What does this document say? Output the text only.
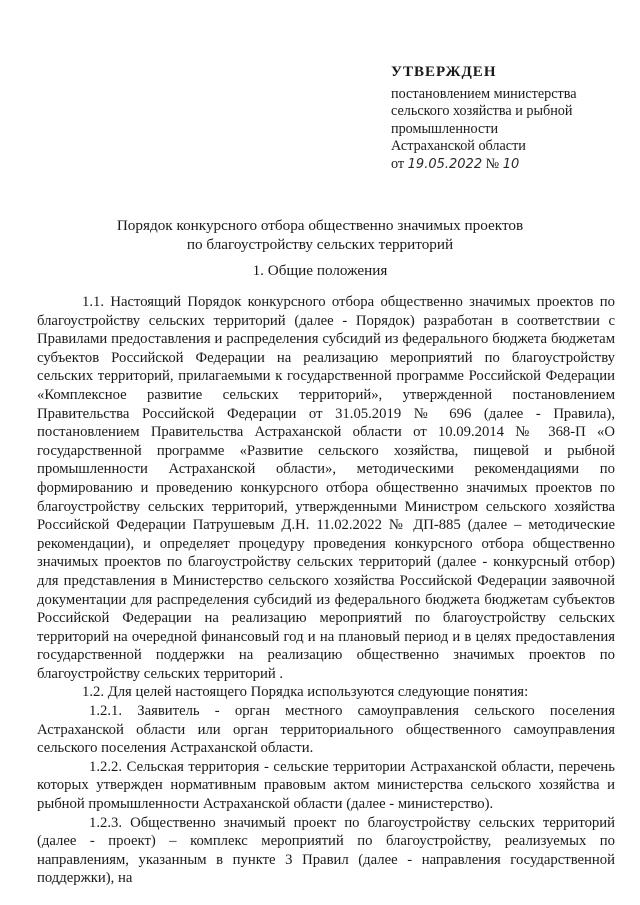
УТВЕРЖДЕН
постановлением министерства
сельского хозяйства и рыбной
промышленности
Астраханской области
от 19.05.2022 № 10
Порядок конкурсного отбора общественно значимых проектов
по благоустройству сельских территорий
1. Общие положения

1.1. Настоящий Порядок конкурсного отбора общественно значимых проектов по благоустройству сельских территорий (далее - Порядок) разработан в соответствии с Правилами предоставления и распределения субсидий из федерального бюджета бюджетам субъектов Российской Федерации на реализацию мероприятий по благоустройству сельских территорий, прилагаемыми к государственной программе Российской Федерации «Комплексное развитие сельских территорий», утвержденной постановлением Правительства Российской Федерации от 31.05.2019 № 696 (далее - Правила), постановлением Правительства Астраханской области от 10.09.2014 № 368-П «О государственной программе «Развитие сельского хозяйства, пищевой и рыбной промышленности Астраханской области», методическими рекомендациями по формированию и проведению конкурсного отбора общественно значимых проектов по благоустройству сельских территорий, утвержденными Министром сельского хозяйства Российской Федерации Патрушевым Д.Н. 11.02.2022 № ДП-885 (далее – методические рекомендации), и определяет процедуру проведения конкурсного отбора общественно значимых проектов по благоустройству сельских территорий (далее - конкурсный отбор) для представления в Министерство сельского хозяйства Российской Федерации заявочной документации для распределения субсидий из федерального бюджета бюджетам субъектов Российской Федерации на реализацию мероприятий по благоустройству сельских территорий на очередной финансовый год и на плановый период и в целях предоставления государственной поддержки на реализацию общественно значимых проектов по благоустройству сельских территорий .

1.2. Для целей настоящего Порядка используются следующие понятия:

1.2.1. Заявитель - орган местного самоуправления сельского поселения Астраханской области или орган территориального общественного самоуправления сельского поселения Астраханской области.

1.2.2. Сельская территория - сельские территории Астраханской области, перечень которых утвержден нормативным правовым актом министерства сельского хозяйства и рыбной промышленности Астраханской области (далее - министерство).

1.2.3. Общественно значимый проект по благоустройству сельских территорий (далее - проект) – комплекс мероприятий по благоустройству, реализуемых по направлениям, указанным в пункте 3 Правил (далее - направления государственной поддержки), на
